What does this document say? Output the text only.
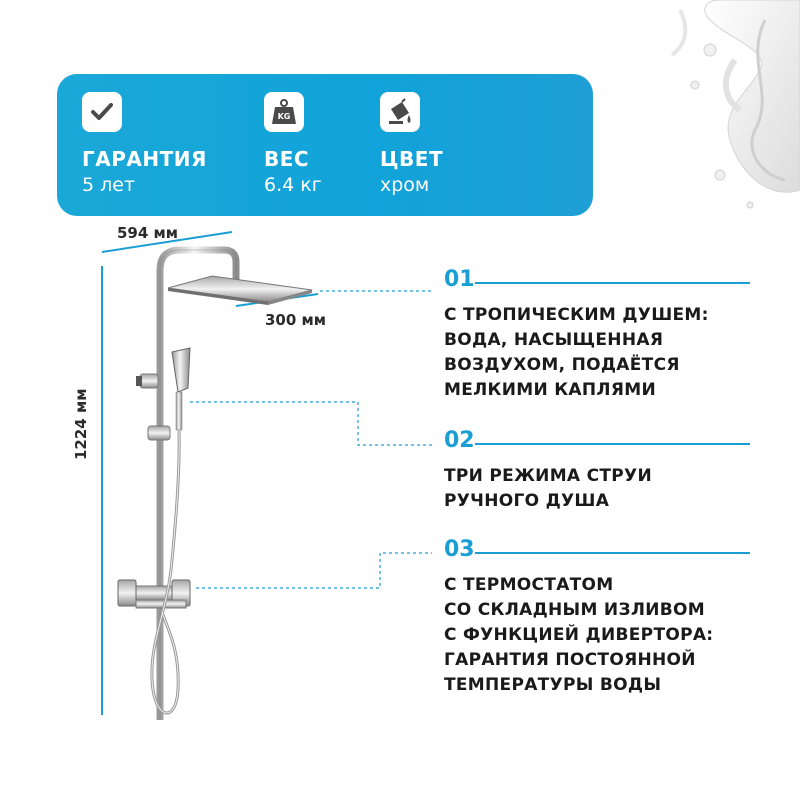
ГАРАНТИЯ
5 лет
KG
ВЕС
6.4 кг
ЦВЕТ
хром
594 мм
300 мм
1224 мм
01
С ТРОПИЧЕСКИМ ДУШЕМ:
ВОДА, НАСЫЩЕННАЯ
ВОЗДУХОМ, ПОДАЁТСЯ
МЕЛКИМИ КАПЛЯМИ
02
ТРИ РЕЖИМА СТРУИ
РУЧНОГО ДУША
03
С ТЕРМОСТАТОМ
СО СКЛАДНЫМ ИЗЛИВОМ
С ФУНКЦИЕЙ ДИВЕРТОРА:
ГАРАНТИЯ ПОСТОЯННОЙ
ТЕМПЕРАТУРЫ ВОДЫ
